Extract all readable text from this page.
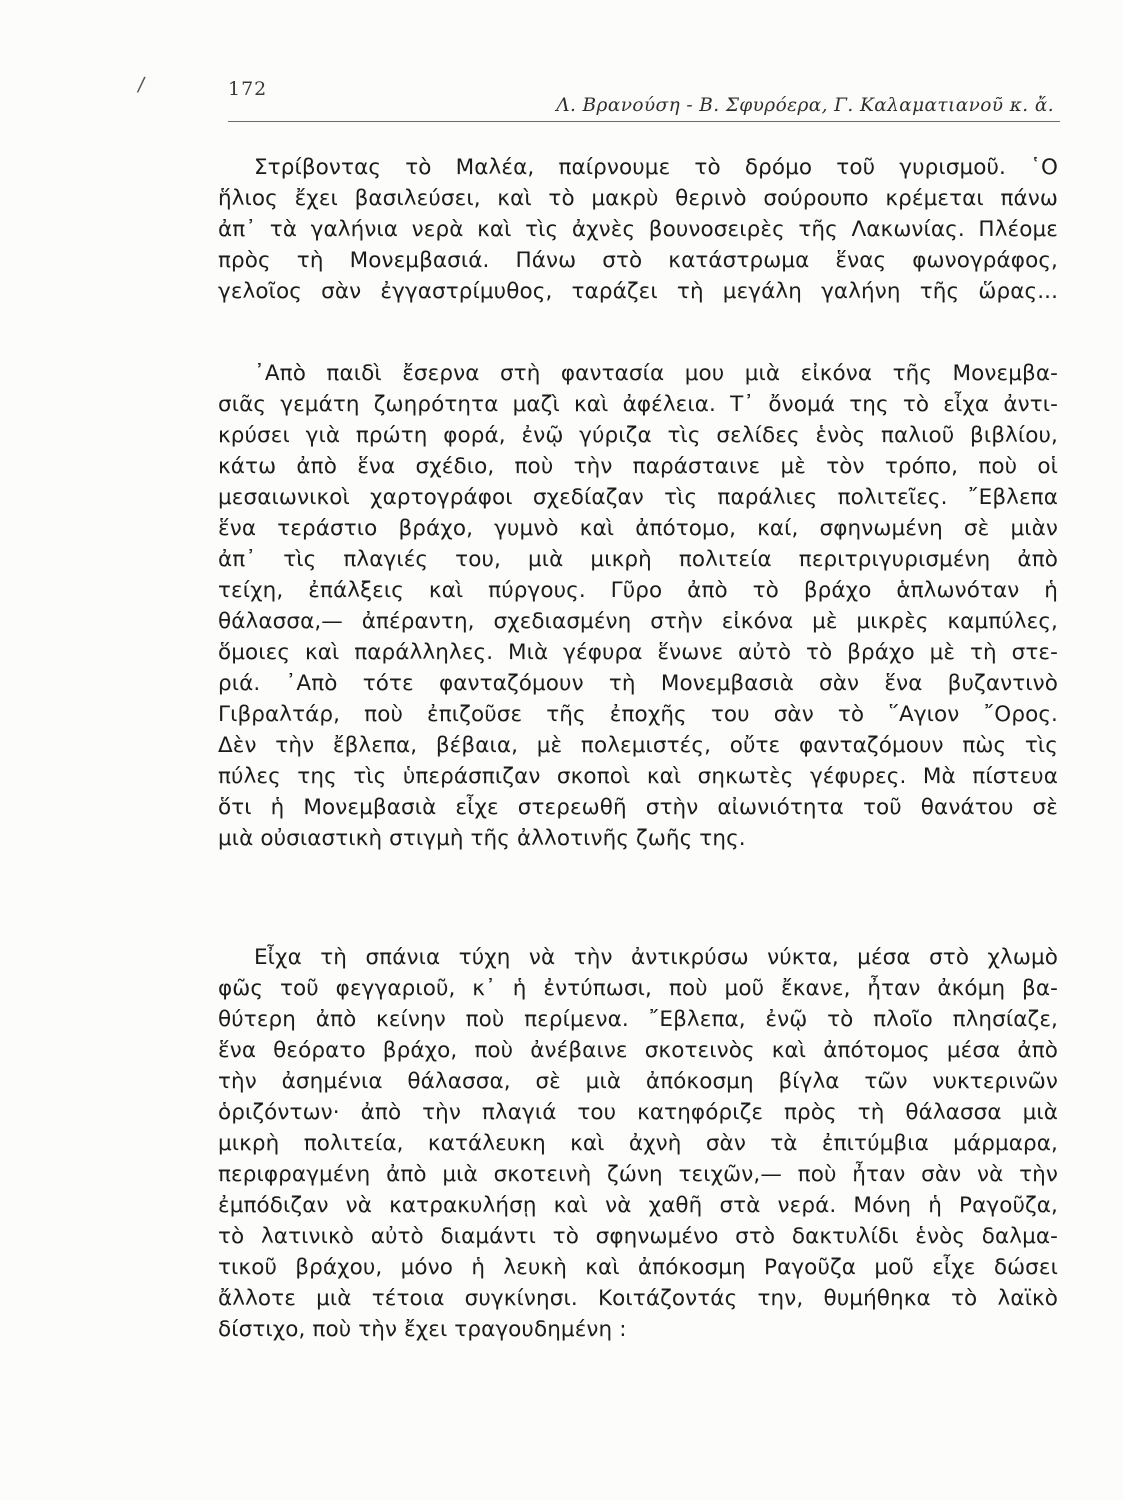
/	172
Λ. Βρανούση - Β. Σφυρόερα, Γ. Καλαματιανοῦ κ. ἄ.
Στρίβοντας τὸ Μαλέα, παίρνουμε τὸ δρόμο τοῦ γυρισμοῦ. ῾Ο
ἥλιος ἔχει βασιλεύσει, καὶ τὸ μακρὺ θερινὸ σούρουπο κρέμεται πάνω
ἀπ᾽ τὰ γαλήνια νερὰ καὶ τὶς ἀχνὲς βουνοσειρὲς τῆς Λακωνίας. Πλέομε
πρὸς τὴ Μονεμβασιά. Πάνω στὸ κατάστρωμα ἕνας φωνογράφος,
γελοῖος σὰν ἐγγαστρίμυθος, ταράζει τὴ μεγάλη γαλήνη τῆς ὥρας...
᾽Απὸ παιδὶ ἔσερνα στὴ φαντασία μου μιὰ εἰκόνα τῆς Μονεμβα-
σιᾶς γεμάτη ζωηρότητα μαζὶ καὶ ἀφέλεια. Τ᾽ ὄνομά της τὸ εἶχα ἀντι-
κρύσει γιὰ πρώτη φορά, ἐνῷ γύριζα τὶς σελίδες ἑνὸς παλιοῦ βιβλίου,
κάτω ἀπὸ ἕνα σχέδιο, ποὺ τὴν παράσταινε μὲ τὸν τρόπο, ποὺ οἱ
μεσαιωνικοὶ χαρτογράφοι σχεδίαζαν τὶς παράλιες πολιτεῖες. ῎Εβλεπα
ἕνα τεράστιο βράχο, γυμνὸ καὶ ἀπότομο, καί, σφηνωμένη σὲ μιὰν
ἀπ᾽ τὶς πλαγιές του, μιὰ μικρὴ πολιτεία περιτριγυρισμένη ἀπὸ
τείχη, ἐπάλξεις καὶ πύργους. Γῦρο ἀπὸ τὸ βράχο ἁπλωνόταν ἡ
θάλασσα,— ἀπέραντη, σχεδιασμένη στὴν εἰκόνα μὲ μικρὲς καμπύλες,
ὅμοιες καὶ παράλληλες. Μιὰ γέφυρα ἕνωνε αὐτὸ τὸ βράχο μὲ τὴ στε-
ριά. ᾽Απὸ τότε φανταζόμουν τὴ Μονεμβασιὰ σὰν ἕνα βυζαντινὸ
Γιβραλτάρ, ποὺ ἐπιζοῦσε τῆς ἐποχῆς του σὰν τὸ ῞Αγιον ῎Ορος.
Δὲν τὴν ἔβλεπα, βέβαια, μὲ πολεμιστές, οὔτε φανταζόμουν πὼς τὶς
πύλες της τὶς ὑπεράσπιζαν σκοποὶ καὶ σηκωτὲς γέφυρες. Μὰ πίστευα
ὅτι ἡ Μονεμβασιὰ εἶχε στερεωθῆ στὴν αἰωνιότητα τοῦ θανάτου σὲ
μιὰ οὐσιαστικὴ στιγμὴ τῆς ἀλλοτινῆς ζωῆς της.
Εἶχα τὴ σπάνια τύχη νὰ τὴν ἀντικρύσω νύκτα, μέσα στὸ χλωμὸ
φῶς τοῦ φεγγαριοῦ, κ᾽ ἡ ἐντύπωσι, ποὺ μοῦ ἔκανε, ἦταν ἀκόμη βα-
θύτερη ἀπὸ κείνην ποὺ περίμενα. ῎Εβλεπα, ἐνῷ τὸ πλοῖο πλησίαζε,
ἕνα θεόρατο βράχο, ποὺ ἀνέβαινε σκοτεινὸς καὶ ἀπότομος μέσα ἀπὸ
τὴν ἀσημένια θάλασσα, σὲ μιὰ ἀπόκοσμη βίγλα τῶν νυκτερινῶν
ὁριζόντων· ἀπὸ τὴν πλαγιά του κατηφόριζε πρὸς τὴ θάλασσα μιὰ
μικρὴ πολιτεία, κατάλευκη καὶ ἀχνὴ σὰν τὰ ἐπιτύμβια μάρμαρα,
περιφραγμένη ἀπὸ μιὰ σκοτεινὴ ζώνη τειχῶν,— ποὺ ἦταν σὰν νὰ τὴν
ἐμπόδιζαν νὰ κατρακυλήσῃ καὶ νὰ χαθῆ στὰ νερά. Μόνη ἡ Ραγοῦζα,
τὸ λατινικὸ αὐτὸ διαμάντι τὸ σφηνωμένο στὸ δακτυλίδι ἑνὸς δαλμα-
τικοῦ βράχου, μόνο ἡ λευκὴ καὶ ἀπόκοσμη Ραγοῦζα μοῦ εἶχε δώσει
ἄλλοτε μιὰ τέτοια συγκίνησι. Κοιτάζοντάς την, θυμήθηκα τὸ λαϊκὸ
δίστιχο, ποὺ τὴν ἔχει τραγουδημένη :
